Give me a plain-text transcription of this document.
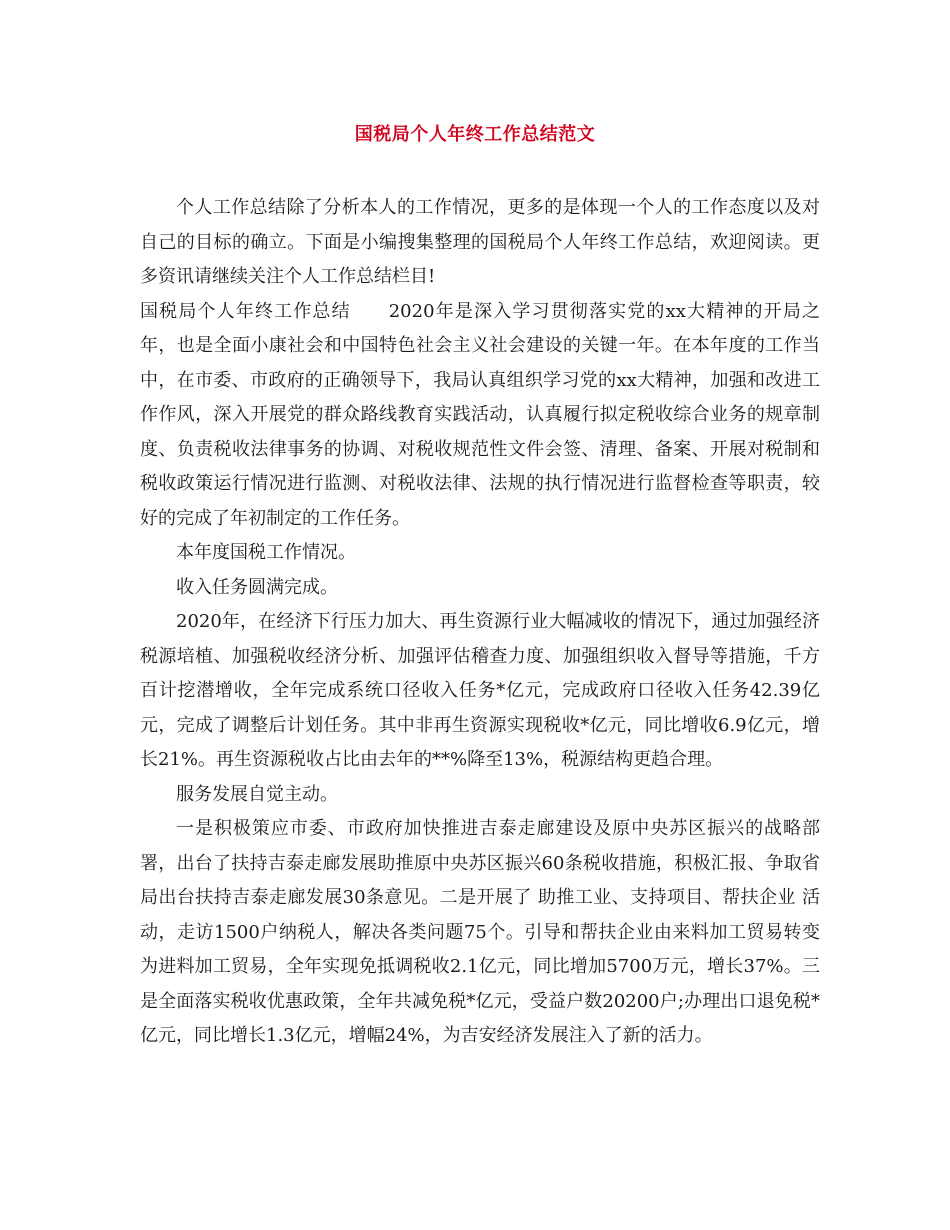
国税局个人年终工作总结范文

个人工作总结除了分析本人的工作情况，更多的是体现一个人的工作态度以及对自己的目标的确立。下面是小编搜集整理的国税局个人年终工作总结，欢迎阅读。更多资讯请继续关注个人工作总结栏目!

国税局个人年终工作总结 2020年是深入学习贯彻落实党的xx大精神的开局之年，也是全面小康社会和中国特色社会主义社会建设的关键一年。在本年度的工作当中，在市委、市政府的正确领导下，我局认真组织学习党的xx大精神，加强和改进工作作风，深入开展党的群众路线教育实践活动，认真履行拟定税收综合业务的规章制度、负责税收法律事务的协调、对税收规范性文件会签、清理、备案、开展对税制和税收政策运行情况进行监测、对税收法律、法规的执行情况进行监督检查等职责，较好的完成了年初制定的工作任务。

本年度国税工作情况。

收入任务圆满完成。

2020年，在经济下行压力加大、再生资源行业大幅减收的情况下，通过加强经济税源培植、加强税收经济分析、加强评估稽查力度、加强组织收入督导等措施，千方百计挖潜增收，全年完成系统口径收入任务*亿元，完成政府口径收入任务42.39亿元，完成了调整后计划任务。其中非再生资源实现税收*亿元，同比增收6.9亿元，增长21%。再生资源税收占比由去年的**%降至13%，税源结构更趋合理。

服务发展自觉主动。

一是积极策应市委、市政府加快推进吉泰走廊建设及原中央苏区振兴的战略部署，出台了扶持吉泰走廊发展助推原中央苏区振兴60条税收措施，积极汇报、争取省局出台扶持吉泰走廊发展30条意见。二是开展了 助推工业、支持项目、帮扶企业 活动，走访1500户纳税人，解决各类问题75个。引导和帮扶企业由来料加工贸易转变为进料加工贸易，全年实现免抵调税收2.1亿元，同比增加5700万元，增长37%。三是全面落实税收优惠政策，全年共减免税*亿元，受益户数20200户;办理出口退免税*亿元，同比增长1.3亿元，增幅24%，为吉安经济发展注入了新的活力。
